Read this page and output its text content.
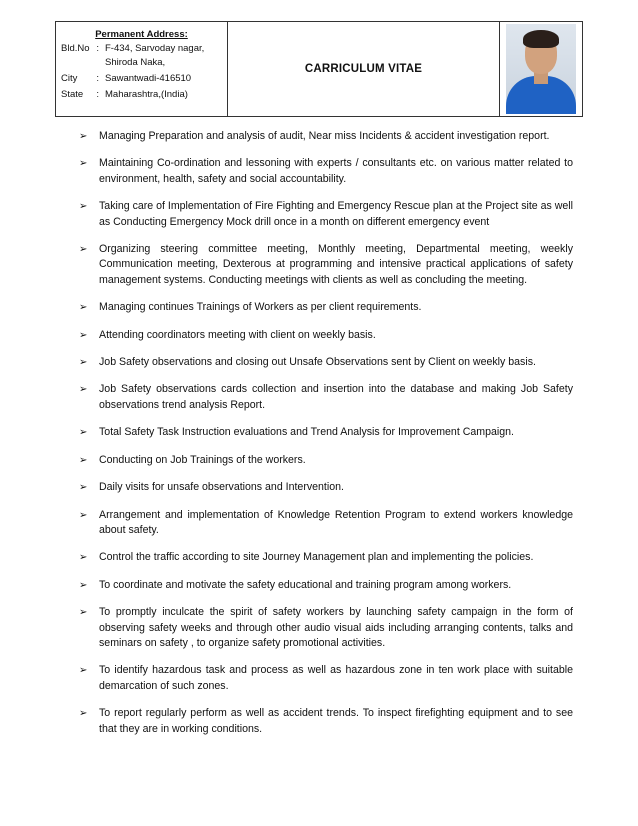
Permanent Address:
Bld.No : F-434, Sarvoday nagar,
Shiroda Naka,
City : Sawantwadi-416510
State : Maharashtra,(India)
CARRICULUM VITAE
➢	Managing Preparation and analysis of audit, Near miss Incidents & accident investigation report.
➢	Maintaining Co-ordination and lessoning with experts / consultants etc. on various matter related to environment, health, safety and social accountability.
➢	Taking care of Implementation of Fire Fighting and Emergency Rescue plan at the Project site as well as Conducting Emergency Mock drill once in a month on different emergency event
➢	Organizing steering committee meeting, Monthly meeting, Departmental meeting, weekly Communication meeting, Dexterous at programming and intensive practical applications of safety management systems. Conducting meetings with clients as well as concluding the meeting.
➢	Managing continues Trainings of Workers as per client requirements.
➢	Attending coordinators meeting with client on weekly basis.
➢	Job Safety observations and closing out Unsafe Observations sent by Client on weekly basis.
➢	Job Safety observations cards collection and insertion into the database and making Job Safety observations trend analysis Report.
➢	Total Safety Task Instruction evaluations and Trend Analysis for Improvement Campaign.
➢	Conducting on Job Trainings of the workers.
➢	Daily visits for unsafe observations and Intervention.
➢	Arrangement and implementation of Knowledge Retention Program to extend workers knowledge about safety.
➢	Control the traffic according to site Journey Management plan and implementing the policies.
➢	To coordinate and motivate the safety educational and training program among workers.
➢	To promptly inculcate the spirit of safety workers by launching safety campaign in the form of observing safety weeks and through other audio visual aids including arranging contents, talks and seminars on safety , to organize safety promotional activities.
➢	To identify hazardous task and process as well as hazardous zone in ten work place with suitable demarcation of such zones.
➢	To report regularly perform as well as accident trends. To inspect firefighting equipment and to see that they are in working conditions.
